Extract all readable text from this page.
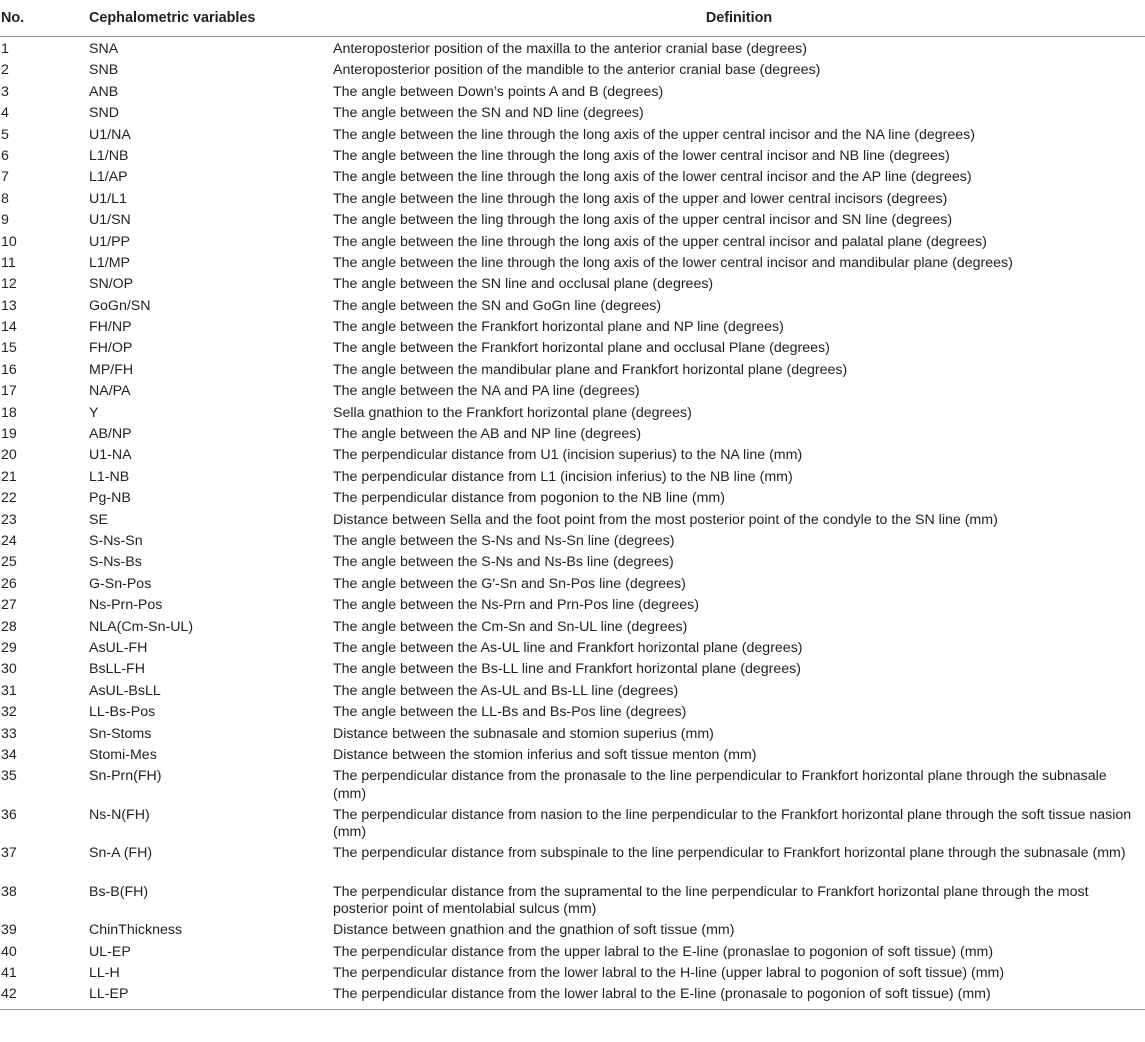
No.	Cephalometric variables	Definition
1	SNA	Anteroposterior position of the maxilla to the anterior cranial base (degrees)
2	SNB	Anteroposterior position of the mandible to the anterior cranial base (degrees)
3	ANB	The angle between Down’s points A and B (degrees)
4	SND	The angle between the SN and ND line (degrees)
5	U1/NA	The angle between the line through the long axis of the upper central incisor and the NA line (degrees)
6	L1/NB	The angle between the line through the long axis of the lower central incisor and NB line (degrees)
7	L1/AP	The angle between the line through the long axis of the lower central incisor and the AP line (degrees)
8	U1/L1	The angle between the line through the long axis of the upper and lower central incisors (degrees)
9	U1/SN	The angle between the ling through the long axis of the upper central incisor and SN line (degrees)
10	U1/PP	The angle between the line through the long axis of the upper central incisor and palatal plane (degrees)
11	L1/MP	The angle between the line through the long axis of the lower central incisor and mandibular plane (degrees)
12	SN/OP	The angle between the SN line and occlusal plane (degrees)
13	GoGn/SN	The angle between the SN and GoGn line (degrees)
14	FH/NP	The angle between the Frankfort horizontal plane and NP line (degrees)
15	FH/OP	The angle between the Frankfort horizontal plane and occlusal Plane (degrees)
16	MP/FH	The angle between the mandibular plane and Frankfort horizontal plane (degrees)
17	NA/PA	The angle between the NA and PA line (degrees)
18	Y	Sella gnathion to the Frankfort horizontal plane (degrees)
19	AB/NP	The angle between the AB and NP line (degrees)
20	U1-NA	The perpendicular distance from U1 (incision superius) to the NA line (mm)
21	L1-NB	The perpendicular distance from L1 (incision inferius) to the NB line (mm)
22	Pg-NB	The perpendicular distance from pogonion to the NB line (mm)
23	SE	Distance between Sella and the foot point from the most posterior point of the condyle to the SN line (mm)
24	S-Ns-Sn	The angle between the S-Ns and Ns-Sn line (degrees)
25	S-Ns-Bs	The angle between the S-Ns and Ns-Bs line (degrees)
26	G-Sn-Pos	The angle between the G′-Sn and Sn-Pos line (degrees)
27	Ns-Prn-Pos	The angle between the Ns-Prn and Prn-Pos line (degrees)
28	NLA(Cm-Sn-UL)	The angle between the Cm-Sn and Sn-UL line (degrees)
29	AsUL-FH	The angle between the As-UL line and Frankfort horizontal plane (degrees)
30	BsLL-FH	The angle between the Bs-LL line and Frankfort horizontal plane (degrees)
31	AsUL-BsLL	The angle between the As-UL and Bs-LL line (degrees)
32	LL-Bs-Pos	The angle between the LL-Bs and Bs-Pos line (degrees)
33	Sn-Stoms	Distance between the subnasale and stomion superius (mm)
34	Stomi-Mes	Distance between the stomion inferius and soft tissue menton (mm)
35	Sn-Prn(FH)	The perpendicular distance from the pronasale to the line perpendicular to Frankfort horizontal plane through the subnasale (mm)
36	Ns-N(FH)	The perpendicular distance from nasion to the line perpendicular to the Frankfort horizontal plane through the soft tissue nasion (mm)
37	Sn-A (FH)	The perpendicular distance from subspinale to the line perpendicular to Frankfort horizontal plane through the subnasale (mm)
38	Bs-B(FH)	The perpendicular distance from the supramental to the line perpendicular to Frankfort horizontal plane through the most posterior point of mentolabial sulcus (mm)
39	ChinThickness	Distance between gnathion and the gnathion of soft tissue (mm)
40	UL-EP	The perpendicular distance from the upper labral to the E-line (pronaslae to pogonion of soft tissue) (mm)
41	LL-H	The perpendicular distance from the lower labral to the H-line (upper labral to pogonion of soft tissue) (mm)
42	LL-EP	The perpendicular distance from the lower labral to the E-line (pronasale to pogonion of soft tissue) (mm)
